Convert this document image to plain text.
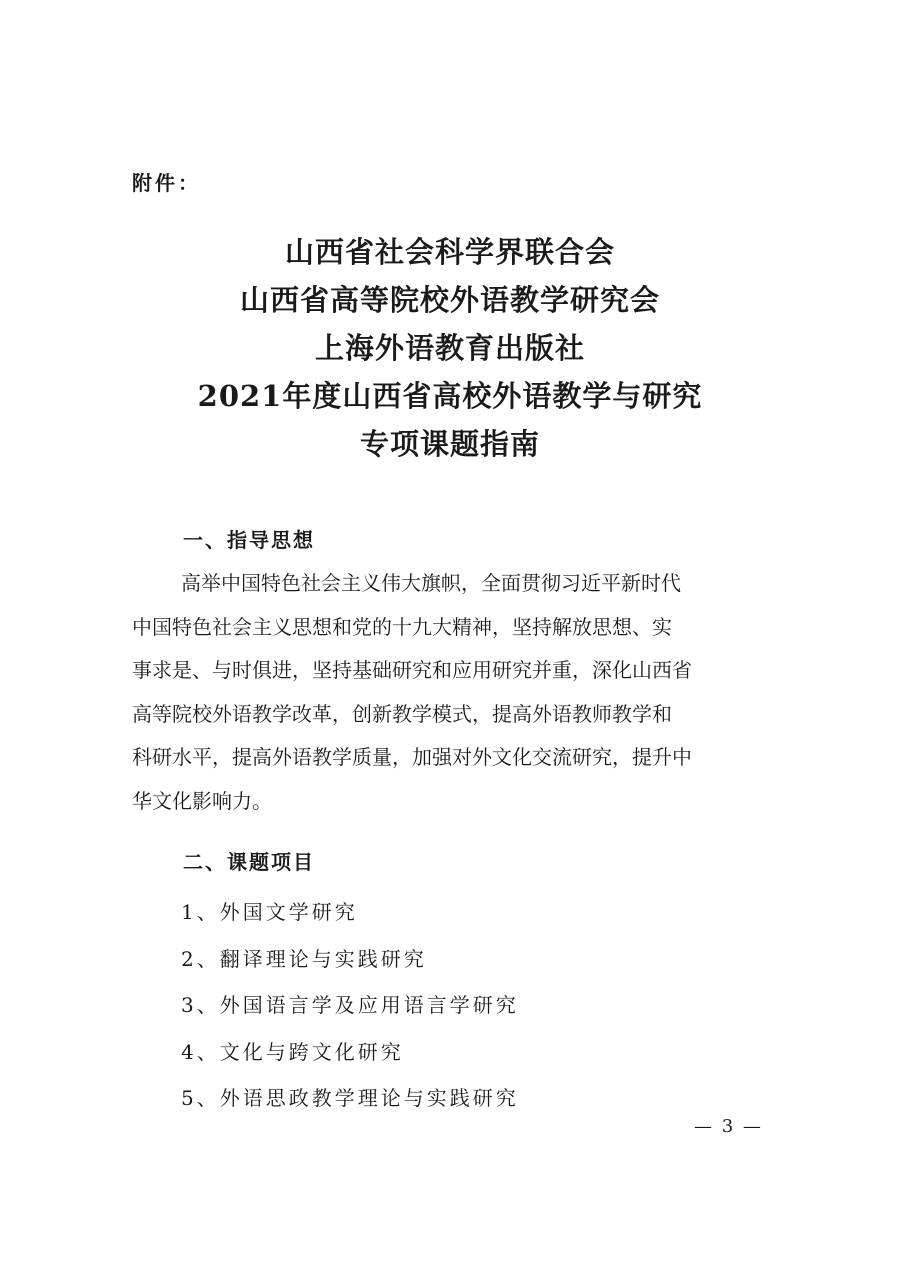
附件：
山西省社会科学界联合会
山西省高等院校外语教学研究会
上海外语教育出版社
2021年度山西省高校外语教学与研究
专项课题指南
一、指导思想
高举中国特色社会主义伟大旗帜，全面贯彻习近平新时代
中国特色社会主义思想和党的十九大精神，坚持解放思想、实
事求是、与时俱进，坚持基础研究和应用研究并重，深化山西省
高等院校外语教学改革，创新教学模式，提高外语教师教学和
科研水平，提高外语教学质量，加强对外文化交流研究，提升中
华文化影响力。
二、课题项目
1、外国文学研究
2、翻译理论与实践研究
3、外国语言学及应用语言学研究
4、文化与跨文化研究
5、外语思政教学理论与实践研究
— 3 —
